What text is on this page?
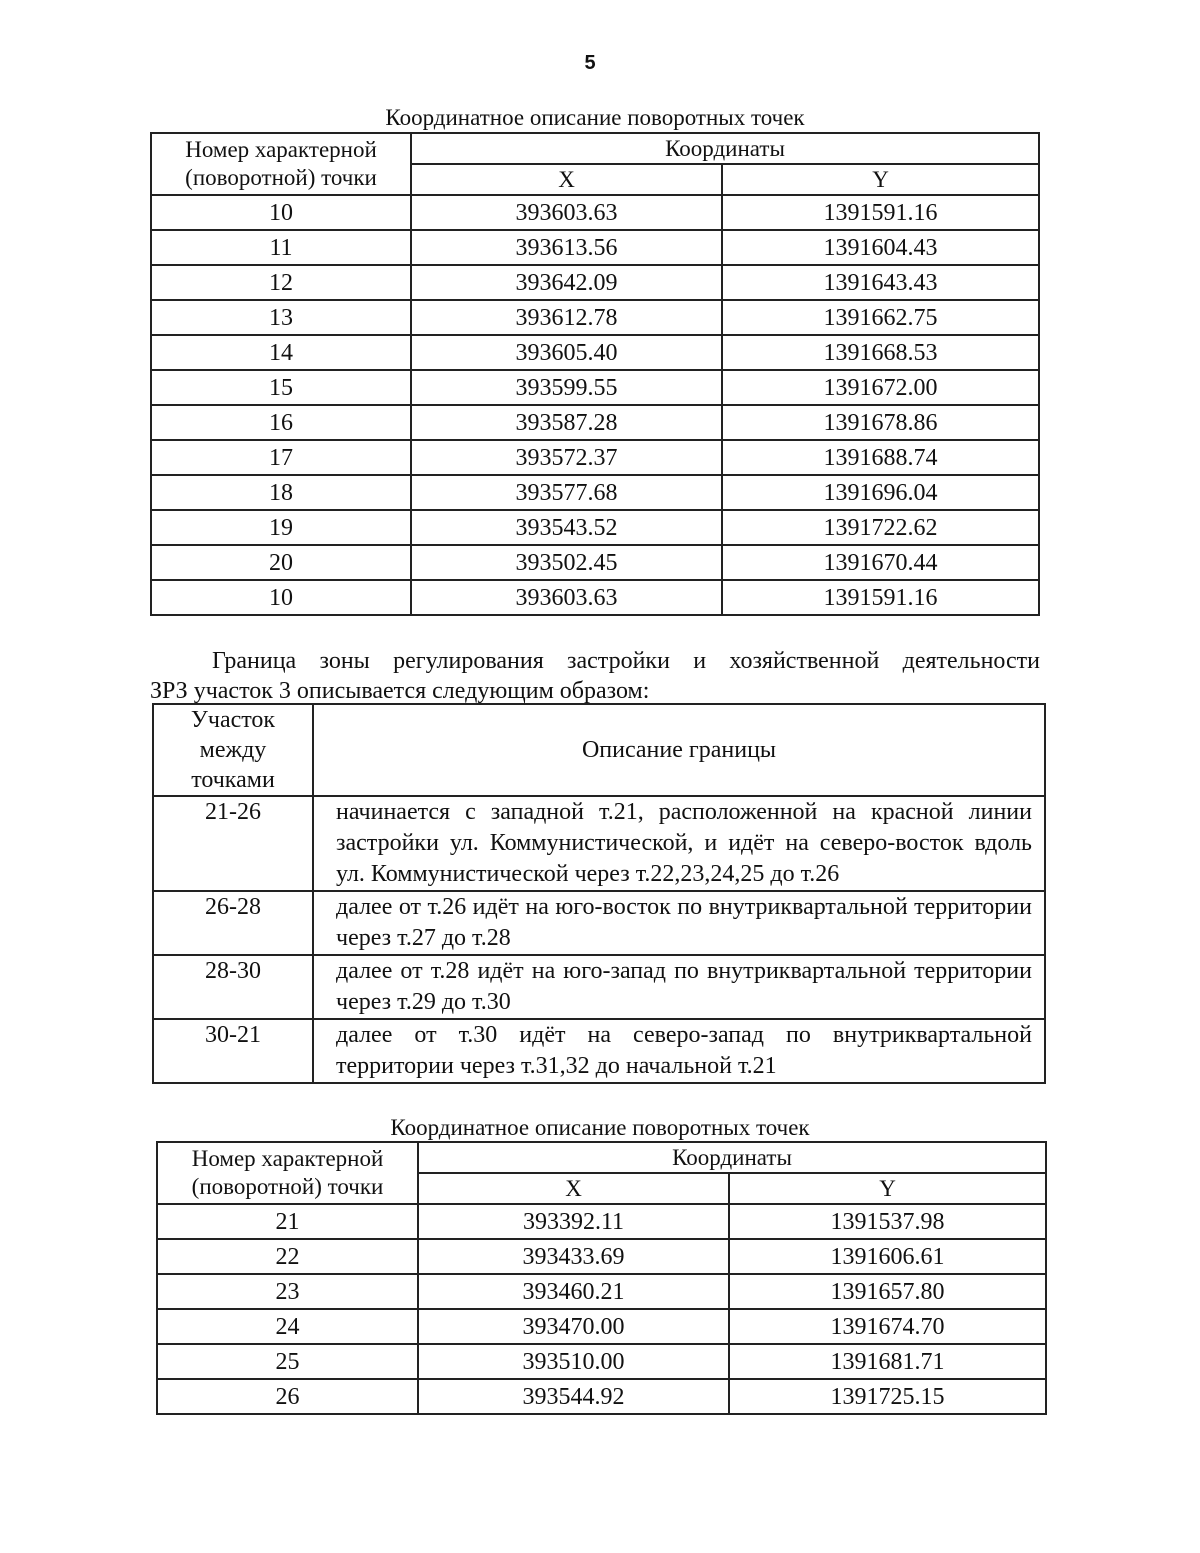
5
Координатное описание поворотных точек
Номер характерной (поворотной) точки	Координаты	
	X	Y
10	393603.63	1391591.16
11	393613.56	1391604.43
12	393642.09	1391643.43
13	393612.78	1391662.75
14	393605.40	1391668.53
15	393599.55	1391672.00
16	393587.28	1391678.86
17	393572.37	1391688.74
18	393577.68	1391696.04
19	393543.52	1391722.62
20	393502.45	1391670.44
10	393603.63	1391591.16
Граница зоны регулирования застройки и хозяйственной деятельности
ЗРЗ участок 3 описывается следующим образом:
Участок между точками	Описание границы
21-26	начинается с западной т.21, расположенной на красной линии застройки ул. Коммунистической, и идёт на северо-восток вдоль ул. Коммунистической через т.22,23,24,25 до т.26
26-28	далее от т.26 идёт на юго-восток по внутриквартальной территории через т.27 до т.28
28-30	далее от т.28 идёт на юго-запад по внутриквартальной территории через т.29 до т.30
30-21	далее от т.30 идёт на северо-запад по внутриквартальной территории через т.31,32 до начальной т.21
Координатное описание поворотных точек
Номер характерной (поворотной) точки	Координаты	
	X	Y
21	393392.11	1391537.98
22	393433.69	1391606.61
23	393460.21	1391657.80
24	393470.00	1391674.70
25	393510.00	1391681.71
26	393544.92	1391725.15
